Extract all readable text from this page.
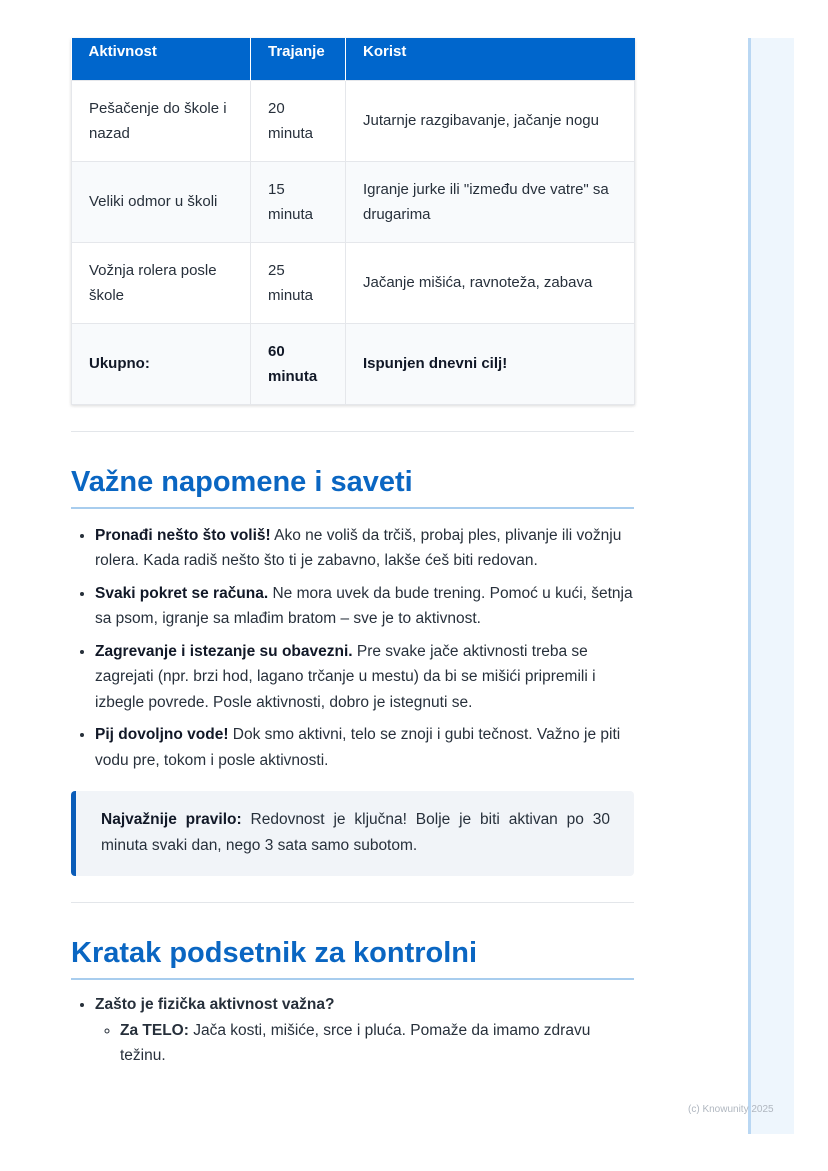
Aktivnost	Trajanje	Korist
Pešačenje do škole i nazad	20 minuta	Jutarnje razgibavanje, jačanje nogu
Veliki odmor u školi	15 minuta	Igranje jurke ili "između dve vatre" sa drugarima
Vožnja rolera posle škole	25 minuta	Jačanje mišića, ravnoteža, zabava
Ukupno:	60 minuta	Ispunjen dnevni cilj!
Važne napomene i saveti
• Pronađi nešto što voliš! Ako ne voliš da trčiš, probaj ples, plivanje ili vožnju rolera. Kada radiš nešto što ti je zabavno, lakše ćeš biti redovan.
• Svaki pokret se računa. Ne mora uvek da bude trening. Pomoć u kući, šetnja sa psom, igranje sa mlađim bratom – sve je to aktivnost.
• Zagrevanje i istezanje su obavezni. Pre svake jače aktivnosti treba se zagrejati (npr. brzi hod, lagano trčanje u mestu) da bi se mišići pripremili i izbegle povrede. Posle aktivnosti, dobro je istegnuti se.
• Pij dovoljno vode! Dok smo aktivni, telo se znoji i gubi tečnost. Važno je piti vodu pre, tokom i posle aktivnosti.
Najvažnije pravilo: Redovnost je ključna! Bolje je biti aktivan po 30 minuta svaki dan, nego 3 sata samo subotom.
Kratak podsetnik za kontrolni
• Zašto je fizička aktivnost važna?
◦ Za TELO: Jača kosti, mišiće, srce i pluća. Pomaže da imamo zdravu težinu.
(c) Knowunity 2025
